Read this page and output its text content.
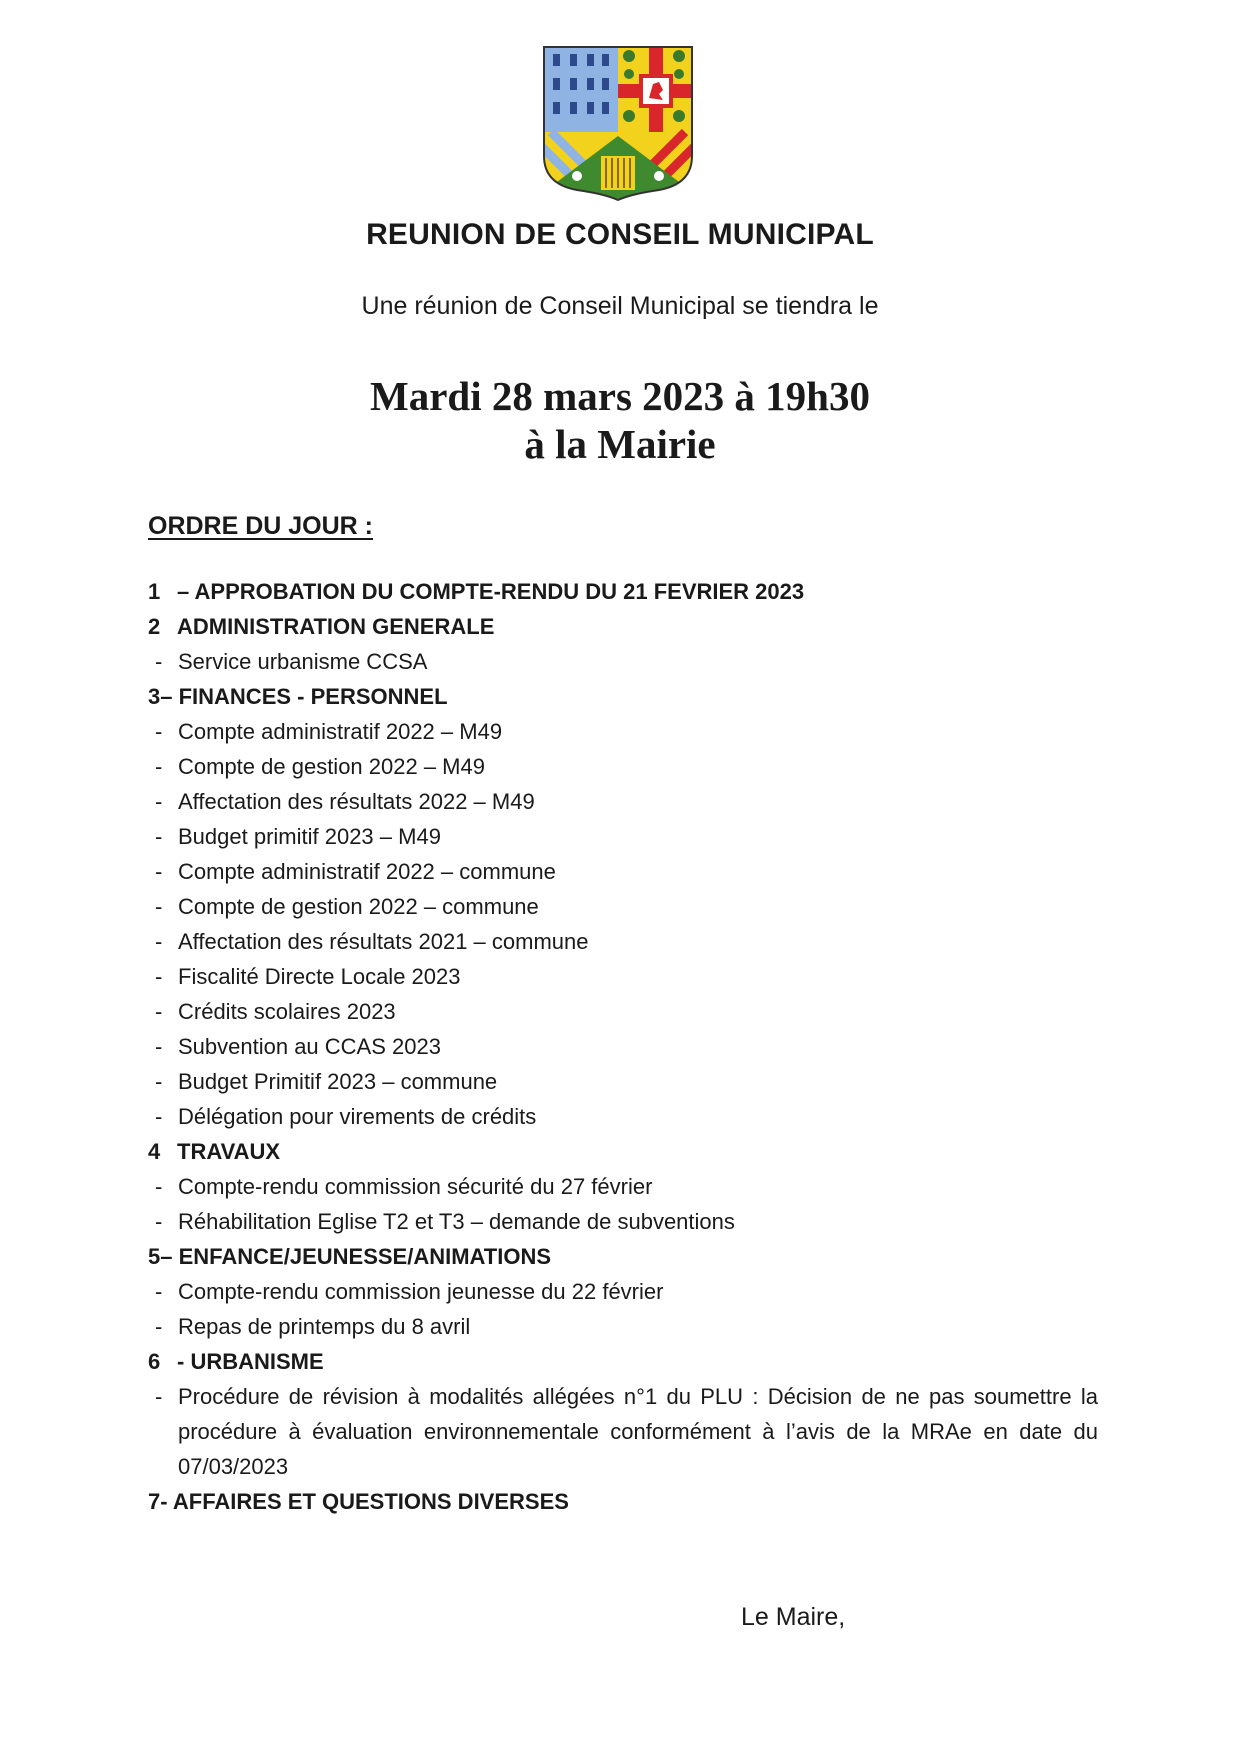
REUNION DE CONSEIL MUNICIPAL
Une réunion de Conseil Municipal se tiendra le
Mardi 28 mars 2023 à 19h30
à la Mairie
ORDRE DU JOUR :
1 – APPROBATION DU COMPTE-RENDU DU 21 FEVRIER 2023
2 ADMINISTRATION GENERALE
- Service urbanisme CCSA
3– FINANCES - PERSONNEL
- Compte administratif 2022 – M49
- Compte de gestion 2022 – M49
- Affectation des résultats 2022 – M49
- Budget primitif 2023 – M49
- Compte administratif 2022 – commune
- Compte de gestion 2022 – commune
- Affectation des résultats 2021 – commune
- Fiscalité Directe Locale 2023
- Crédits scolaires 2023
- Subvention au CCAS 2023
- Budget Primitif 2023 – commune
- Délégation pour virements de crédits
4 TRAVAUX
- Compte-rendu commission sécurité du 27 février
- Réhabilitation Eglise T2 et T3 – demande de subventions
5– ENFANCE/JEUNESSE/ANIMATIONS
- Compte-rendu commission jeunesse du 22 février
- Repas de printemps du 8 avril
6 - URBANISME
- Procédure de révision à modalités allégées n°1 du PLU : Décision de ne pas soumettre la procédure à évaluation environnementale conformément à l’avis de la MRAe en date du 07/03/2023
7- AFFAIRES ET QUESTIONS DIVERSES
Le Maire,
